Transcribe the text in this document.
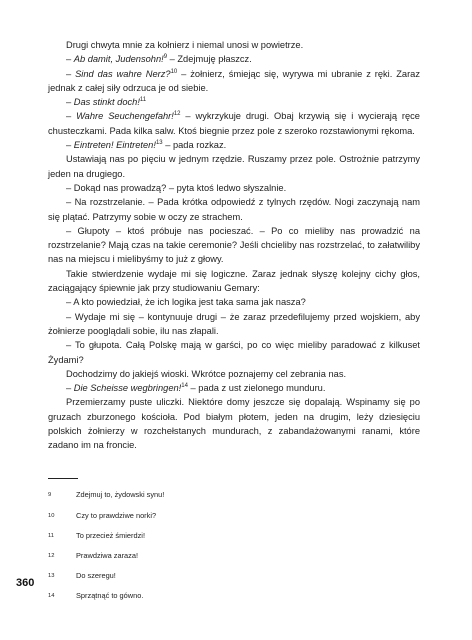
Drugi chwyta mnie za kołnierz i niemal unosi w powietrze.

– Ab damit, Judensohn!$^9$ – Zdejmuję płaszcz.

– Sind das wahre Nerz?$^{10}$ – żołnierz, śmiejąc się, wyrywa mi ubranie z ręki. Zaraz jednak z całej siły odrzuca je od siebie.

– Das stinkt doch!$^{11}$

– Wahre Seuchengefahr!$^{12}$ – wykrzykuje drugi. Obaj krzywią się i wycierają ręce chusteczkami. Pada kilka salw. Ktoś biegnie przez pole z szeroko rozstawionymi rękoma.

– Eintreten! Eintreten!$^{13}$ – pada rozkaz.

Ustawiają nas po pięciu w jednym rzędzie. Ruszamy przez pole. Ostrożnie patrzymy jeden na drugiego.

– Dokąd nas prowadzą? – pyta ktoś ledwo słyszalnie.

– Na rozstrzelanie. – Pada krótka odpowiedź z tylnych rzędów. Nogi zaczynają nam się plątać. Patrzymy sobie w oczy ze strachem.

– Głupoty – ktoś próbuje nas pocieszać. – Po co mieliby nas prowadzić na rozstrzelanie? Mają czas na takie ceremonie? Jeśli chcieliby nas rozstrzelać, to załatwiliby nas na miejscu i mielibyśmy to już z głowy.

Takie stwierdzenie wydaje mi się logiczne. Zaraz jednak słyszę kolejny cichy głos, zaciągający śpiewnie jak przy studiowaniu Gemary:

– A kto powiedział, że ich logika jest taka sama jak nasza?

– Wydaje mi się – kontynuuje drugi – że zaraz przedefilujemy przed wojskiem, aby żołnierze pooglądali sobie, ilu nas złapali.

– To głupota. Całą Polskę mają w garści, po co więc mieliby paradować z kilkuset Żydami?

Dochodzimy do jakiejś wioski. Wkrótce poznajemy cel zebrania nas.

– Die Scheisse wegbringen!$^{14}$ – pada z ust zielonego munduru.

Przemierzamy puste uliczki. Niektóre domy jeszcze się dopalają. Wspinamy się po gruzach zburzonego kościoła. Pod białym płotem, jeden na drugim, leży dziesięciu polskich żołnierzy w rozchełstanych mundurach, z zabandażowanymi ranami, które zadano im na froncie.

9	Zdejmuj to, żydowski synu!
10	Czy to prawdziwe norki?
11	To przecież śmierdzi!
12	Prawdziwa zaraza!
13	Do szeregu!
14	Sprzątnąć to gówno.
360
